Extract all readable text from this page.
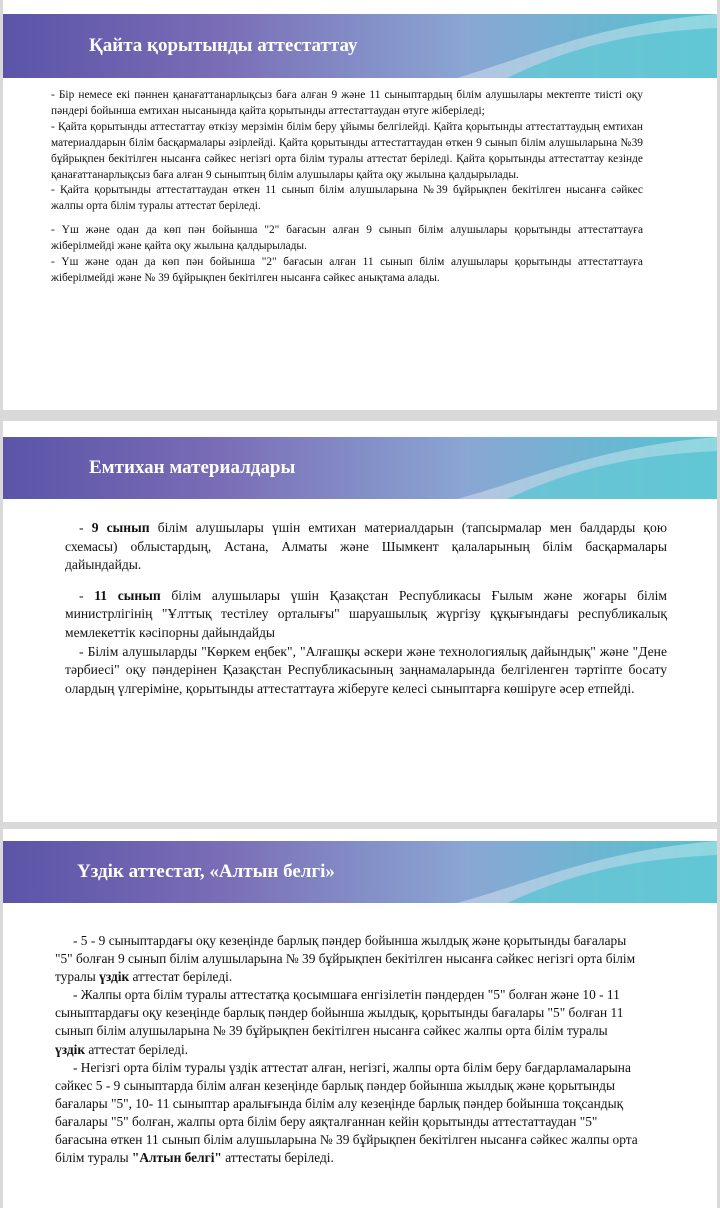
Қайта қорытынды аттестаттау

- Бір немесе екі пәннен қанағаттанарлықсыз баға алған 9 және 11 сыныптардың білім алушылары мектепте тиісті оқу пәндері бойынша емтихан нысанында қайта қорытынды аттестаттаудан өтуге жіберіледі;

- Қайта қорытынды аттестаттау өткізу мерзімін білім беру ұйымы белгілейді. Қайта қорытынды аттестаттаудың емтихан материалдарын білім басқармалары әзірлейді. Қайта қорытынды аттестаттаудан өткен 9 сынып білім алушыларына №39 бұйрықпен бекітілген нысанға сәйкес негізгі орта білім туралы аттестат беріледі. Қайта қорытынды аттестаттау кезінде қанағаттанарлықсыз баға алған 9 сыныптың білім алушылары қайта оқу жылына қалдырылады.

- Қайта қорытынды аттестаттаудан өткен 11 сынып білім алушыларына №39 бұйрықпен бекітілген нысанға сәйкес жалпы орта білім туралы аттестат беріледі.

- Үш және одан да көп пән бойынша "2" бағасын алған 9 сынып білім алушылары қорытынды аттестаттауға жіберілмейді және қайта оқу жылына қалдырылады.

- Үш және одан да көп пән бойынша "2" бағасын алған 11 сынып білім алушылары қорытынды аттестаттауға жіберілмейді және № 39 бұйрықпен бекітілген нысанға сәйкес анықтама алады.

Емтихан материалдары

- 9 сынып білім алушылары үшін емтихан материалдарын (тапсырмалар мен балдарды қою схемасы) облыстардың, Астана, Алматы және Шымкент қалаларының білім басқармалары дайындайды.

- 11 сынып білім алушылары үшін Қазақстан Республикасы Ғылым және жоғары білім министрлігінің "Ұлттық тестілеу орталығы" шаруашылық жүргізу құқығындағы республикалық мемлекеттік кәсіпорны дайындайды

- Білім алушыларды "Көркем еңбек", "Алғашқы әскери және технологиялық дайындық" және "Дене тәрбиесі" оқу пәндерінен Қазақстан Республикасының заңнамаларында белгіленген тәртіпте босату олардың үлгеріміне, қорытынды аттестаттауға жіберуге келесі сыныптарға көшіруге әсер етпейді.

Үздік аттестат, «Алтын белгі»

- 5 - 9 сыныптардағы оқу кезеңінде барлық пәндер бойынша жылдық және қорытынды бағалары "5" болған 9 сынып білім алушыларына № 39 бұйрықпен бекітілген нысанға сәйкес негізгі орта білім туралы үздік аттестат беріледі.

- Жалпы орта білім туралы аттестатқа қосымшаға енгізілетін пәндерден "5" болған және 10 - 11 сыныптардағы оқу кезеңінде барлық пәндер бойынша жылдық, қорытынды бағалары "5" болған 11 сынып білім алушыларына № 39 бұйрықпен бекітілген нысанға сәйкес жалпы орта білім туралы үздік аттестат беріледі.

- Негізгі орта білім туралы үздік аттестат алған, негізгі, жалпы орта білім беру бағдарламаларына сәйкес 5 - 9 сыныптарда білім алған кезеңінде барлық пәндер бойынша жылдық және қорытынды бағалары "5", 10- 11 сыныптар аралығында білім алу кезеңінде барлық пәндер бойынша тоқсандық бағалары "5" болған, жалпы орта білім беру аяқталғаннан кейін қорытынды аттестаттаудан "5" бағасына өткен 11 сынып білім алушыларына № 39 бұйрықпен бекітілген нысанға сәйкес жалпы орта білім туралы "Алтын белгі" аттестаты беріледі.
